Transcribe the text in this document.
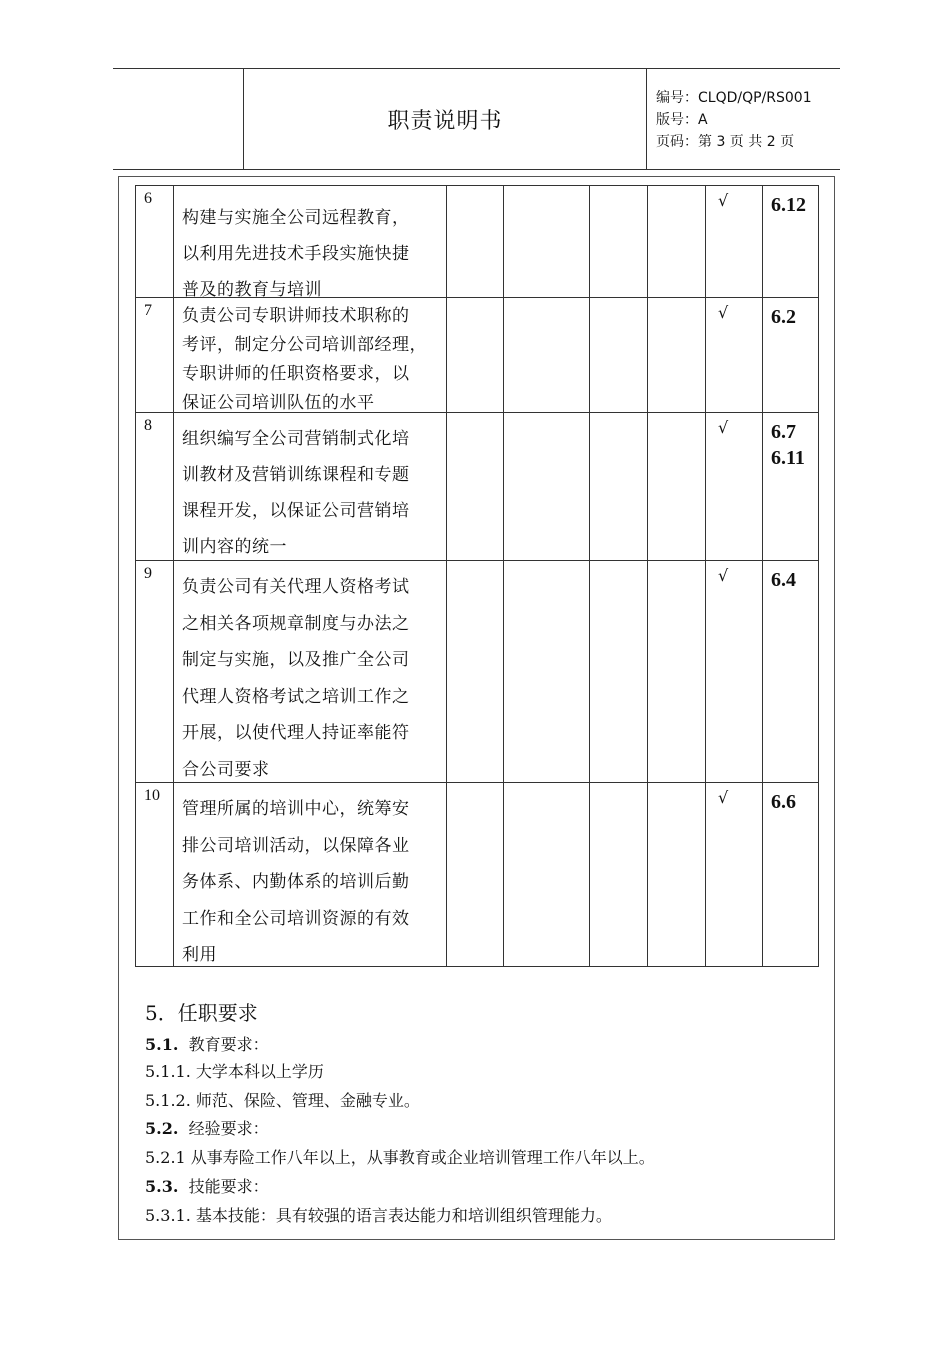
职责说明书
编号：CLQD/QP/RS001
版号：A
页码：第 3 页 共 2 页
6
构建与实施全公司远程教育，
以利用先进技术手段实施快捷
普及的教育与培训
√ 6.12
7 负责公司专职讲师技术职称的
考评，制定分公司培训部经理，
专职讲师的任职资格要求，以
保证公司培训队伍的水平
√ 6.2
8
组织编写全公司营销制式化培
训教材及营销训练课程和专题
课程开发，以保证公司营销培
训内容的统一
√ 6.7
6.11
9
负责公司有关代理人资格考试
之相关各项规章制度与办法之
制定与实施，以及推广全公司
代理人资格考试之培训工作之
开展，以使代理人持证率能符
合公司要求
√ 6.4
10
管理所属的培训中心，统筹安
排公司培训活动，以保障各业
务体系、内勤体系的培训后勤
工作和全公司培训资源的有效
利用
√ 6.6
5．任职要求
5.1. 教育要求：
5.1.1. 大学本科以上学历
5.1.2. 师范、保险、管理、金融专业。
5.2. 经验要求：
5.2.1 从事寿险工作八年以上，从事教育或企业培训管理工作八年以上。
5.3. 技能要求：
5.3.1. 基本技能：具有较强的语言表达能力和培训组织管理能力。
